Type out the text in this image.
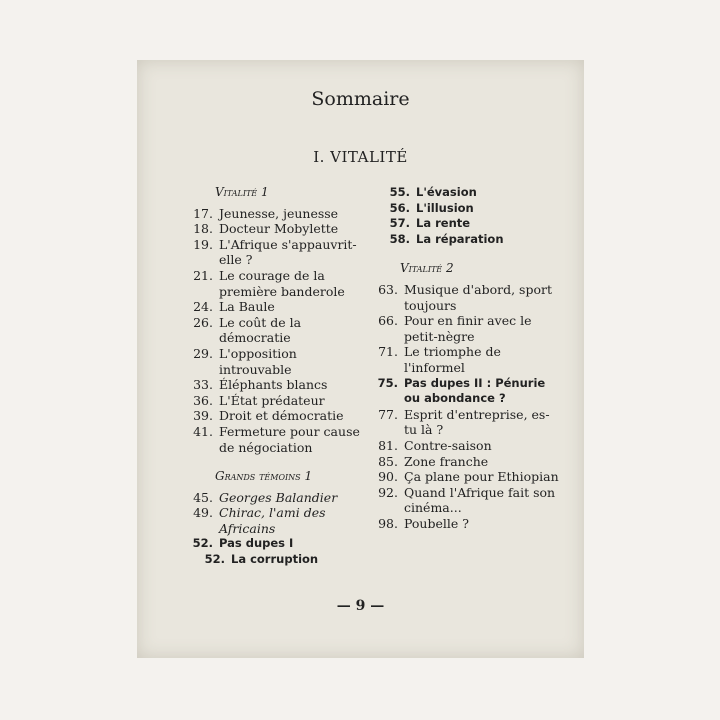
Sommaire
I. VITALITÉ
Vitalité 1
17. Jeunesse, jeunesse
18. Docteur Mobylette
19. L'Afrique s'appauvrit-elle ?
21. Le courage de la première banderole
24. La Baule
26. Le coût de la démocratie
29. L'opposition introuvable
33. Éléphants blancs
36. L'État prédateur
39. Droit et démocratie
41. Fermeture pour cause de négociation
Grands témoins 1
45. Georges Balandier
49. Chirac, l'ami des Africains
52. Pas dupes I
52. La corruption
55. L'évasion
56. L'illusion
57. La rente
58. La réparation
Vitalité 2
63. Musique d'abord, sport toujours
66. Pour en finir avec le petit-nègre
71. Le triomphe de l'informel
75. Pas dupes II : Pénurie ou abondance ?
77. Esprit d'entreprise, es-tu là ?
81. Contre-saison
85. Zone franche
90. Ça plane pour Ethiopian
92. Quand l'Afrique fait son cinéma...
98. Poubelle ?
— 9 —
